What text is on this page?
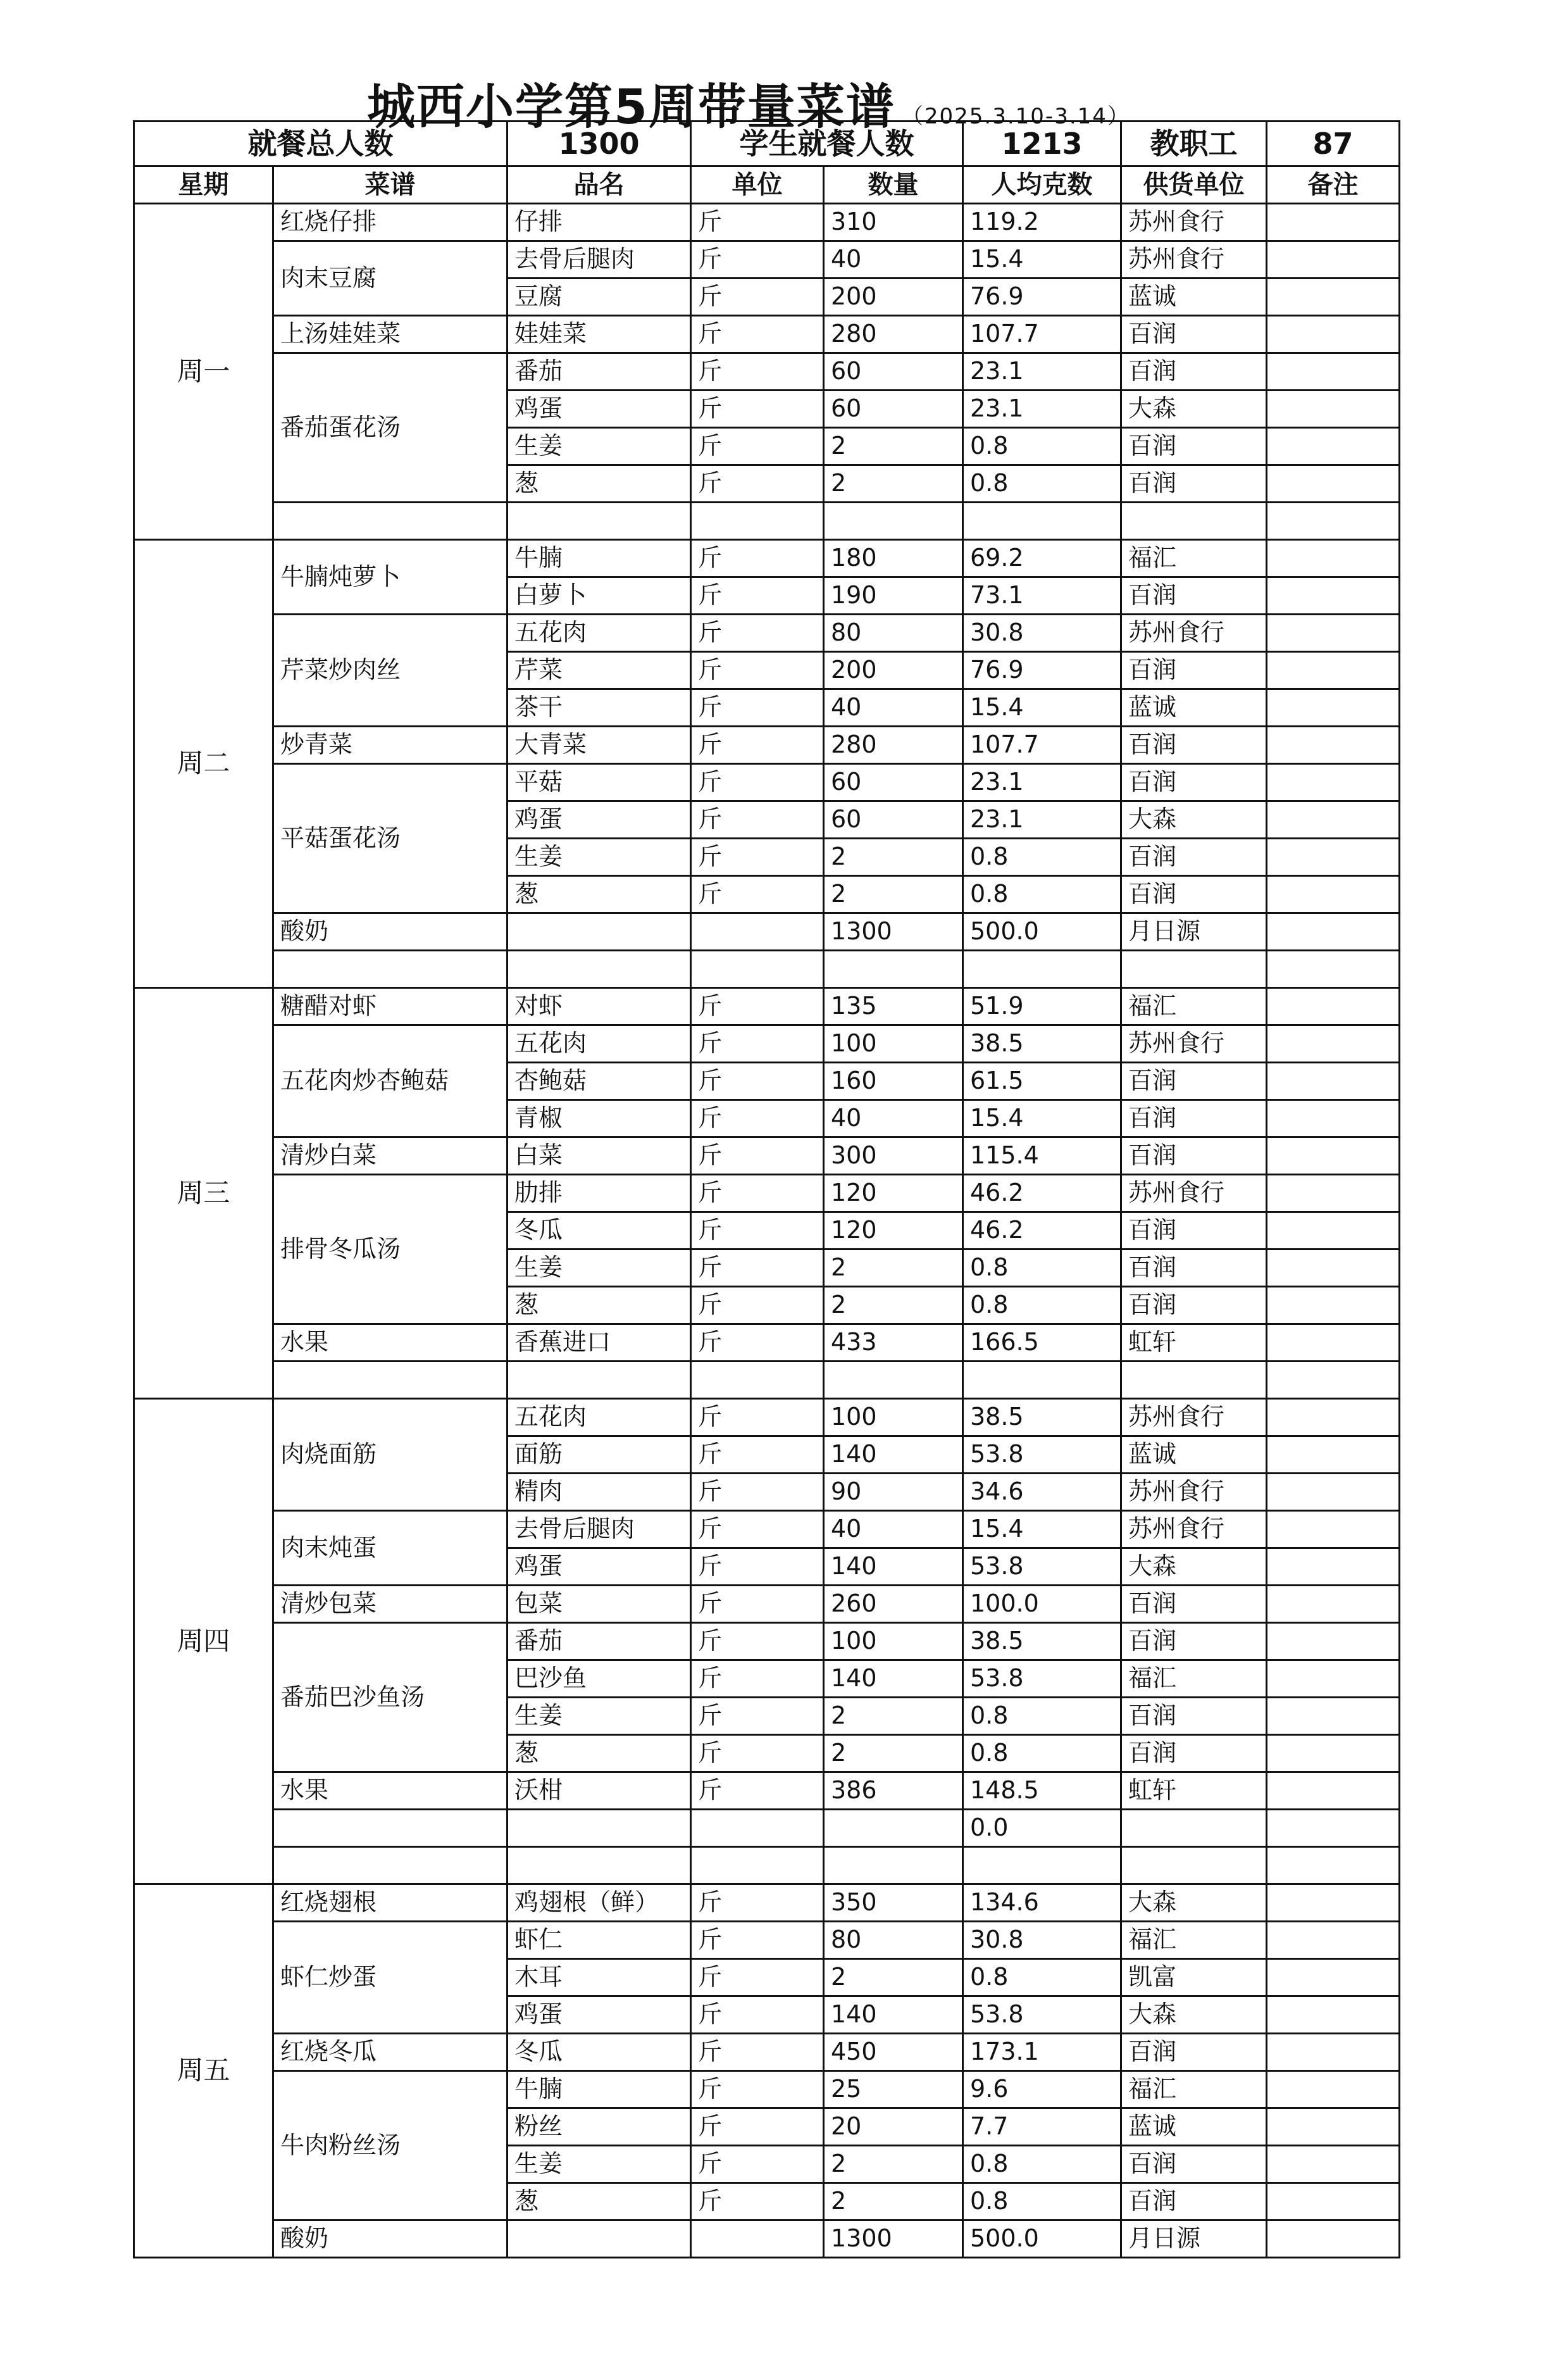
城西小学第5周带量菜谱 （2025.3.10-3.14）
就餐总人数		1300	学生就餐人数		1213	教职工	87
星期	菜谱	品名	单位	数量	人均克数	供货单位	备注
周一	红烧仔排	仔排	斤	310	119.2	苏州食行	
	肉末豆腐	去骨后腿肉	斤	40	15.4	苏州食行	
		豆腐	斤	200	76.9	蓝诚	
	上汤娃娃菜	娃娃菜	斤	280	107.7	百润	
	番茄蛋花汤	番茄	斤	60	23.1	百润	
		鸡蛋	斤	60	23.1	大森	
		生姜	斤	2	0.8	百润	
		葱	斤	2	0.8	百润	

周二	牛腩炖萝卜	牛腩	斤	180	69.2	福汇	
		白萝卜	斤	190	73.1	百润	
	芹菜炒肉丝	五花肉	斤	80	30.8	苏州食行	
		芹菜	斤	200	76.9	百润	
		茶干	斤	40	15.4	蓝诚	
	炒青菜	大青菜	斤	280	107.7	百润	
	平菇蛋花汤	平菇	斤	60	23.1	百润	
		鸡蛋	斤	60	23.1	大森	
		生姜	斤	2	0.8	百润	
		葱	斤	2	0.8	百润	
	酸奶			1300	500.0	月日源	

周三	糖醋对虾	对虾	斤	135	51.9	福汇	
	五花肉炒杏鲍菇	五花肉	斤	100	38.5	苏州食行	
		杏鲍菇	斤	160	61.5	百润	
		青椒	斤	40	15.4	百润	
	清炒白菜	白菜	斤	300	115.4	百润	
	排骨冬瓜汤	肋排	斤	120	46.2	苏州食行	
		冬瓜	斤	120	46.2	百润	
		生姜	斤	2	0.8	百润	
		葱	斤	2	0.8	百润	
	水果	香蕉进口	斤	433	166.5	虹轩	

周四	肉烧面筋	五花肉	斤	100	38.5	苏州食行	
		面筋	斤	140	53.8	蓝诚	
		精肉	斤	90	34.6	苏州食行	
	肉末炖蛋	去骨后腿肉	斤	40	15.4	苏州食行	
		鸡蛋	斤	140	53.8	大森	
	清炒包菜	包菜	斤	260	100.0	百润	
	番茄巴沙鱼汤	番茄	斤	100	38.5	百润	
		巴沙鱼	斤	140	53.8	福汇	
		生姜	斤	2	0.8	百润	
		葱	斤	2	0.8	百润	
	水果	沃柑	斤	386	148.5	虹轩	
					0.0		

周五	红烧翅根	鸡翅根（鲜）	斤	350	134.6	大森	
	虾仁炒蛋	虾仁	斤	80	30.8	福汇	
		木耳	斤	2	0.8	凯富	
		鸡蛋	斤	140	53.8	大森	
	红烧冬瓜	冬瓜	斤	450	173.1	百润	
	牛肉粉丝汤	牛腩	斤	25	9.6	福汇	
		粉丝	斤	20	7.7	蓝诚	
		生姜	斤	2	0.8	百润	
		葱	斤	2	0.8	百润	
	酸奶			1300	500.0	月日源	
